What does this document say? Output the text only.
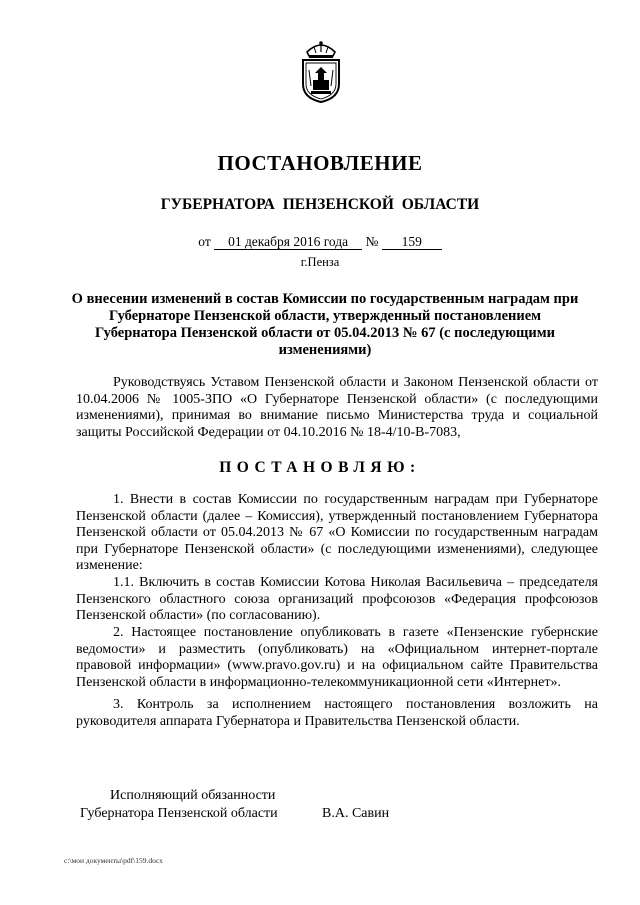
ПОСТАНОВЛЕНИЕ
ГУБЕРНАТОРА ПЕНЗЕНСКОЙ ОБЛАСТИ
от 01 декабря 2016 года № 159
г.Пенза
О внесении изменений в состав Комиссии по государственным наградам при Губернаторе Пензенской области, утвержденный постановлением Губернатора Пензенской области от 05.04.2013 № 67 (с последующими изменениями)

Руководствуясь Уставом Пензенской области и Законом Пензенской области от 10.04.2006 № 1005-ЗПО «О Губернаторе Пензенской области» (с последующими изменениями), принимая во внимание письмо Министерства труда и социальной защиты Российской Федерации от 04.10.2016 № 18-4/10-В-7083,

ПОСТАНОВЛЯЮ:

1. Внести в состав Комиссии по государственным наградам при Губернаторе Пензенской области (далее – Комиссия), утвержденный постановлением Губернатора Пензенской области от 05.04.2013 № 67 «О Комиссии по государственным наградам при Губернаторе Пензенской области» (с последующими изменениями), следующее изменение:

1.1. Включить в состав Комиссии Котова Николая Васильевича – председателя Пензенского областного союза организаций профсоюзов «Федерация профсоюзов Пензенской области» (по согласованию).

2. Настоящее постановление опубликовать в газете «Пензенские губернские ведомости» и разместить (опубликовать) на «Официальном интернет-портале правовой информации» (www.pravo.gov.ru) и на официальном сайте Правительства Пензенской области в информационно-телекоммуникационной сети «Интернет».

3. Контроль за исполнением настоящего постановления возложить на руководителя аппарата Губернатора и Правительства Пензенской области.

Исполняющий обязанности
Губернатора Пензенской области	В.А. Савин
c:\мои документы\pdf\159.docx
